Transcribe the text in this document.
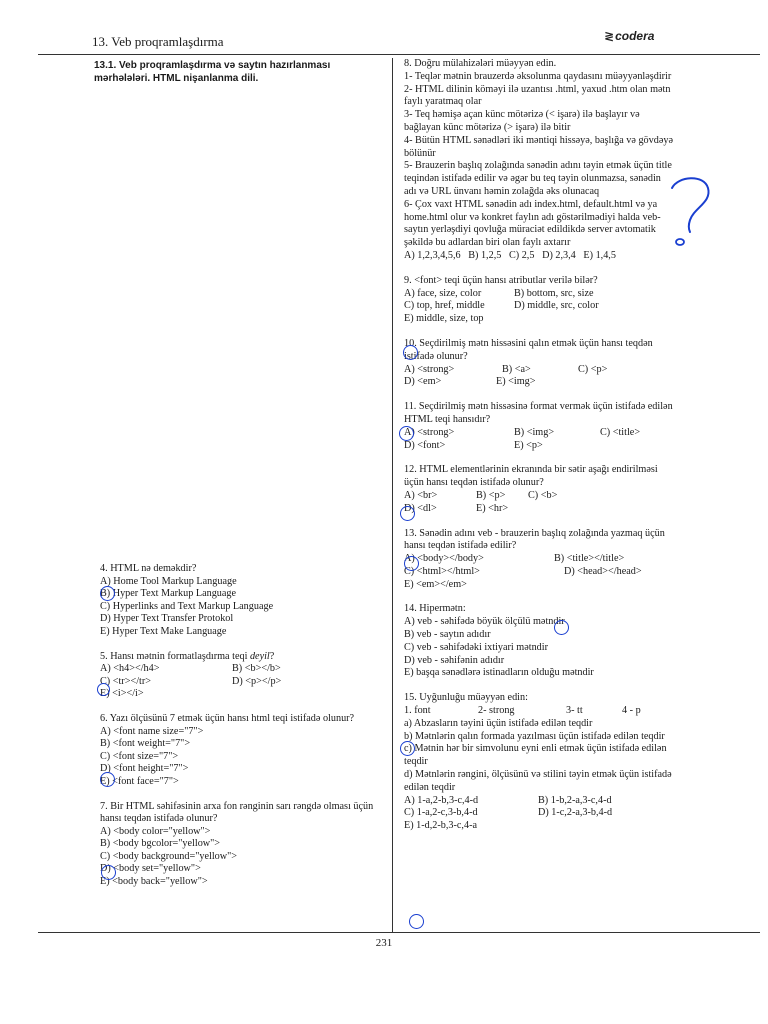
13. Veb proqramlaşdırma	≷codera
13.1. Veb proqramlaşdırma və saytın hazırlanması mərhələləri. HTML nişanlanma dili.
4. HTML nə deməkdir?
A) Home Tool Markup Language
B) Hyper Text Markup Language
C) Hyperlinks and Text Markup Language
D) Hyper Text Transfer Protokol
E) Hyper Text Make Language
5. Hansı mətnin formatlaşdırma teqi deyil?
A) <h4></h4>	B) <b></b>
C) <tr></tr>	D) <p></p>
E) <i></i>
6. Yazı ölçüsünü 7 etmək üçün hansı html teqi istifadə olunur?
A) <font name size="7">
B) <font weight="7">
C) <font size="7">
D) <font height="7">
E) <font face="7">
7. Bir HTML səhifəsinin arxa fon rənginin sarı rəngdə olması üçün hansı teqdən istifadə olunur?
A) <body color="yellow">
B) <body bgcolor="yellow">
C) <body background="yellow">
D) <body set="yellow">
E) <body back="yellow">
8. Doğru mülahizələri müəyyən edin.
1- Teqlər mətnin brauzerdə əksolunma qaydasını müəyyənləşdirir
2- HTML dilinin köməyi ilə uzantısı .html, yaxud .htm olan mətn faylı yaratmaq olar
3- Teq həmişə açan künc mötərizə (< işarə) ilə başlayır və bağlayan künc mötərizə (> işarə) ilə bitir
4- Bütün HTML sənədləri iki məntiqi hissəyə, başlığa və gövdəyə bölünür
5- Brauzerin başlıq zolağında sənədin adını təyin etmək üçün title teqindən istifadə edilir və əgər bu teq təyin olunmazsa, sənədin adı və URL ünvanı həmin zolağda əks olunacaq
6- Çox vaxt HTML sənədin adı index.html, default.html və ya home.html olur və konkret faylın adı göstərilmədiyi halda veb-saytın yerləşdiyi qovluğa müraciət edildikdə server avtomatik şəkildə bu adlardan biri olan faylı axtarır
A) 1,2,3,4,5,6   B) 1,2,5   C) 2,5   D) 2,3,4   E) 1,4,5
9. <font> teqi üçün hansı atributlar verilə bilər?
A) face, size, color	B) bottom, src, size
C) top, href, middle	D) middle, src, color
E) middle, size, top
10. Seçdirilmiş mətn hissəsini qalın etmək üçün hansı teqdən istifadə olunur?
A) <strong>	B) <a>	C) <p>
D) <em>	E) <img>
11. Seçdirilmiş mətn hissəsinə format vermək üçün istifadə edilən HTML teqi hansıdır?
A) <strong>	B) <img>	C) <title>
D) <font>	E) <p>
12. HTML elementlərinin ekranında bir sətir aşağı endirilməsi üçün hansı teqdən istifadə olunur?
A) <br>	B) <p>	C) <b>
D) <dl>	E) <hr>
13. Sənədin adını veb - brauzerin başlıq zolağında yazmaq üçün hansı teqdən istifadə edilir?
A) <body></body>	B) <title></title>
C) <html></html>	D) <head></head>
E) <em></em>
14. Hipermətn:
A) veb - səhifədə böyük ölçülü mətndir
B) veb - saytın adıdır
C) veb - səhifədəki ixtiyari mətndir
D) veb - səhifənin adıdır
E) başqa sənədlərə istinadların olduğu mətndir
15. Uyğunluğu müəyyən edin:
1. font	2- strong	3- tt	4 - p
a) Abzasların təyini üçün istifadə edilən teqdir
b) Mətnlərin qalın formada yazılması üçün istifadə edilən teqdir
c) Mətnin hər bir simvolunu eyni enli etmək üçün istifadə edilən teqdir
d) Mətnlərin rəngini, ölçüsünü və stilini təyin etmək üçün istifadə edilən teqdir
A) 1-a,2-b,3-c,4-d	B) 1-b,2-a,3-c,4-d
C) 1-a,2-c,3-b,4-d	D) 1-c,2-a,3-b,4-d
E) 1-d,2-b,3-c,4-a
231
